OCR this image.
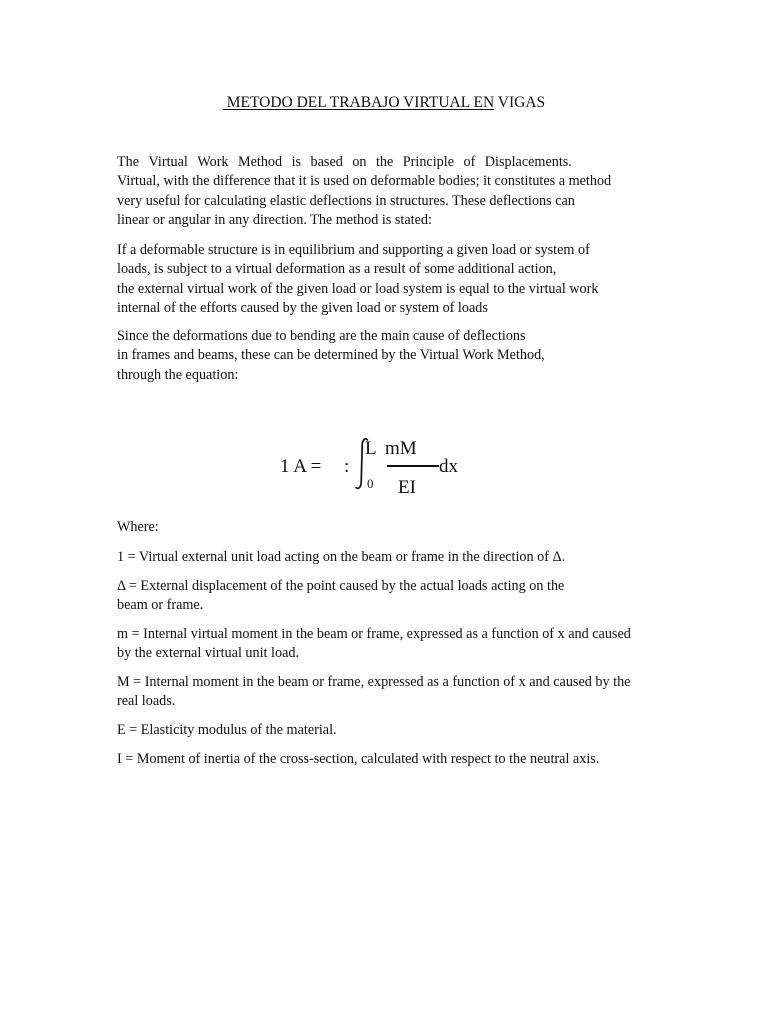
METODO DEL TRABAJO VIRTUAL EN VIGAS

The Virtual Work Method is based on the Principle of Displacements.
Virtual, with the difference that it is used on deformable bodies; it constitutes a method
very useful for calculating elastic deflections in structures. These deflections can
linear or angular in any direction. The method is stated:

If a deformable structure is in equilibrium and supporting a given load or system of
loads, is subject to a virtual deformation as a result of some additional action,
the external virtual work of the given load or load system is equal to the virtual work
internal of the efforts caused by the given load or system of loads

Since the deformations due to bending are the main cause of deflections
in frames and beams, these can be determined by the Virtual Work Method,
through the equation:

1 A = :
L
0
mM
EI
dx

Where:

1 = Virtual external unit load acting on the beam or frame in the direction of Δ.

Δ = External displacement of the point caused by the actual loads acting on the
beam or frame.

m = Internal virtual moment in the beam or frame, expressed as a function of x and caused
by the external virtual unit load.

M = Internal moment in the beam or frame, expressed as a function of x and caused by the
real loads.

E = Elasticity modulus of the material.

I = Moment of inertia of the cross-section, calculated with respect to the neutral axis.
